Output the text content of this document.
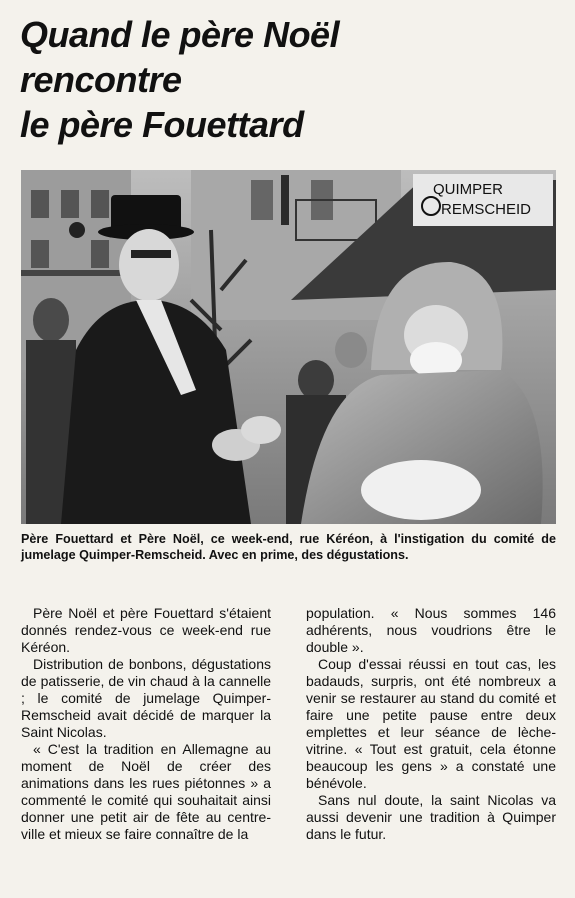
Quand le père Noël
rencontre
le père Fouettard
QUIMPER
REMSCHEID

Père Fouettard et Père Noël, ce week-end, rue Kéréon, à l'instigation du comité de jumelage Quimper-Remscheid. Avec en prime, des dégustations.

Père Noël et père Fouettard s'étaient donnés rendez-vous ce week-end rue Kéréon.

Distribution de bonbons, dégustations de patisserie, de vin chaud à la cannelle ; le comité de jumelage Quimper-Remscheid avait décidé de marquer la Saint Nicolas.

« C'est la tradition en Allemagne au moment de Noël de créer des animations dans les rues piétonnes » a commenté le comité qui souhaitait ainsi donner une petit air de fête au centre-ville et mieux se faire connaître de la

population. « Nous sommes 146 adhérents, nous voudrions être le double ».

Coup d'essai réussi en tout cas, les badauds, surpris, ont été nombreux a venir se restaurer au stand du comité et faire une petite pause entre deux emplettes et leur séance de lèche-vitrine. « Tout est gratuit, cela étonne beaucoup les gens » a constaté une bénévole.

Sans nul doute, la saint Nicolas va aussi devenir une tradition à Quimper dans le futur.
